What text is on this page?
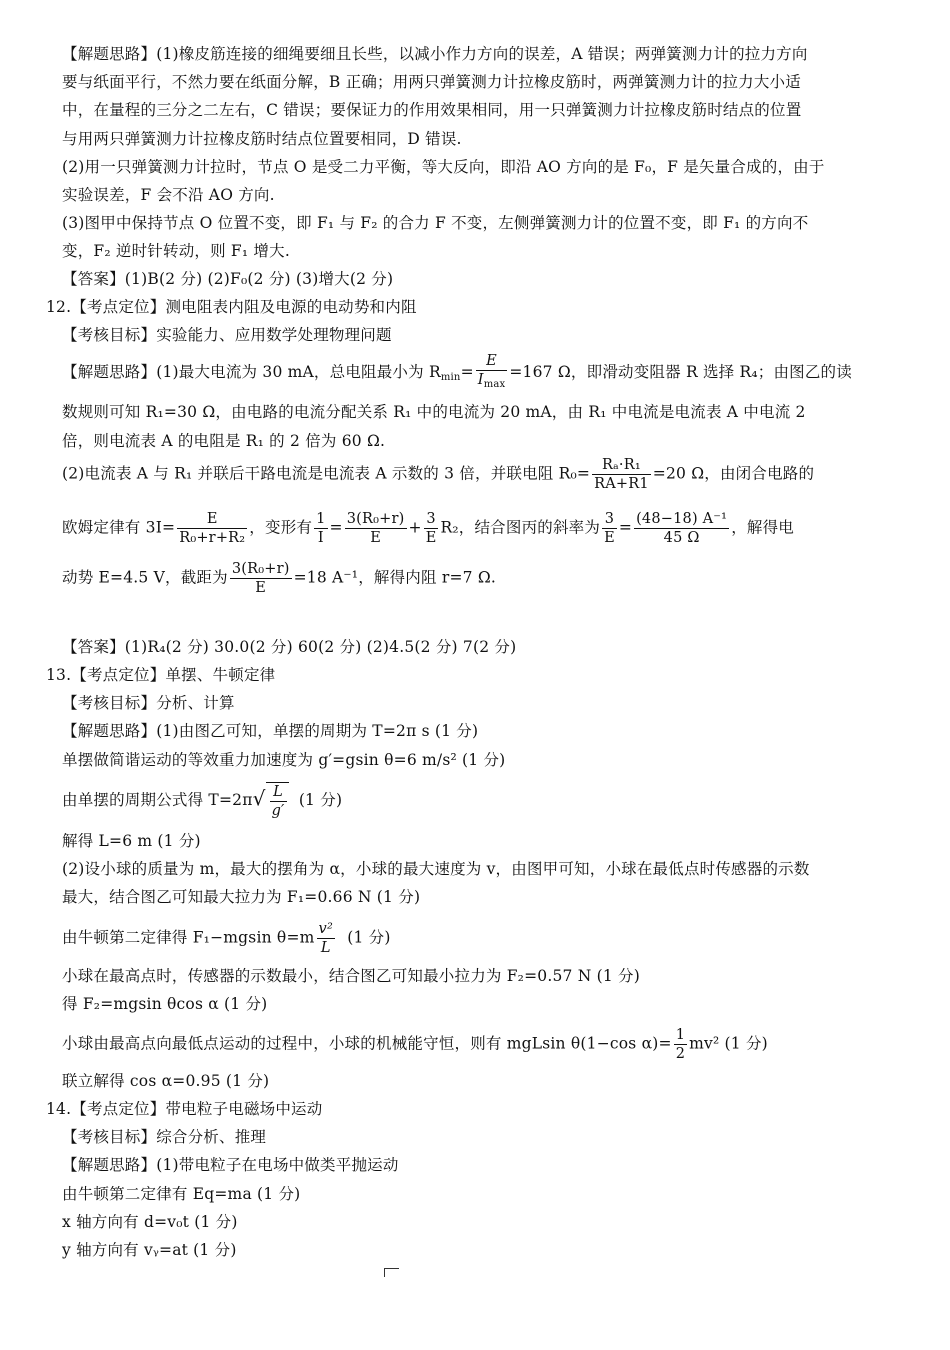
【解题思路】(1)橡皮筋连接的细绳要细且长些，以减小作力方向的误差，A 错误；两弹簧测力计的拉力方向
要与纸面平行，不然力要在纸面分解，B 正确；用两只弹簧测力计拉橡皮筋时，两弹簧测力计的拉力大小适
中，在量程的三分之二左右，C 错误；要保证力的作用效果相同，用一只弹簧测力计拉橡皮筋时结点的位置
与用两只弹簧测力计拉橡皮筋时结点位置要相同，D 错误.
(2)用一只弹簧测力计拉时，节点 O 是受二力平衡，等大反向，即沿 AO 方向的是 F₀，F 是矢量合成的，由于
实验误差，F 会不沿 AO 方向.
(3)图甲中保持节点 O 位置不变，即 F₁ 与 F₂ 的合力 F 不变，左侧弹簧测力计的位置不变，即 F₁ 的方向不
变，F₂ 逆时针转动，则 F₁ 增大.
【答案】(1)B(2 分) (2)F₀(2 分) (3)增大(2 分)
12.【考点定位】测电阻表内阻及电源的电动势和内阻
【考核目标】实验能力、应用数学处理物理问题
【解题思路】(1)最大电流为 30 mA，总电阻最小为 $R_{min}= \frac{E}{I_{max}} =167$ Ω，即滑动变阻器 R 选择 R₄；由图乙的读
数规则可知 R₁=30 Ω，由电路的电流分配关系 R₁ 中的电流为 20 mA，由 R₁ 中电流是电流表 A 中电流 2
倍，则电流表 A 的电阻是 R₁ 的 2 倍为 60 Ω.
(2)电流表 A 与 R₁ 并联后干路电流是电流表 A 示数的 3 倍，并联电阻 $R_0= \frac{\text{Rₐ·R₁}}{RA+R1} =20$ Ω，由闭合电路的
欧姆定律有 $3I= \frac{E}{\text{R₀+r+R₂}}$ ，变形有 $\frac{1}{I} = \frac{\text{3(R₀+r)}}{E} + \frac{3}{E} R_2$，结合图丙的斜率为 $\frac{3}{E} = \frac{\text{(48−18) A⁻¹}}{45 \Omega}$ ，解得电
动势 E=4.5 V，截距为 $\frac{\text{3(R₀+r)}}{E} =18$ A⁻¹，解得内阻 r=7 Ω.
【答案】(1)R₄(2 分) 30.0(2 分) 60(2 分) (2)4.5(2 分) 7(2 分)
13.【考点定位】单摆、牛顿定律
【考核目标】分析、计算
【解题思路】(1)由图乙可知，单摆的周期为 T=2π s (1 分)
单摆做简谐运动的等效重力加速度为 g′=gsin θ=6 m/s² (1 分)
由单摆的周期公式得 $T=2\pi√ \frac{L}{g'} (1$ 分)
解得 L=6 m (1 分)
(2)设小球的质量为 m，最大的摆角为 α，小球的最大速度为 v，由图甲可知，小球在最低点时传感器的示数
最大，结合图乙可知最大拉力为 F₁=0.66 N (1 分)
由牛顿第二定律得 F₁−mgsin $\theta=m \frac{\text{v²}}{L} (1$ 分)
小球在最高点时，传感器的示数最小，结合图乙可知最小拉力为 F₂=0.57 N (1 分)
得 F₂=mgsin θcos α (1 分)
小球由最高点向最低点运动的过程中，小球的机械能守恒，则有 mgLsin θ(1−cos $\alpha)= \frac{1}{2} mv^2$ (1 分)
联立解得 cos α=0.95 (1 分)
14.【考点定位】带电粒子电磁场中运动
【考核目标】综合分析、推理
【解题思路】(1)带电粒子在电场中做类平抛运动
由牛顿第二定律有 Eq=ma (1 分)
x 轴方向有 d=v₀t (1 分)
y 轴方向有 vᵧ=at (1 分)
